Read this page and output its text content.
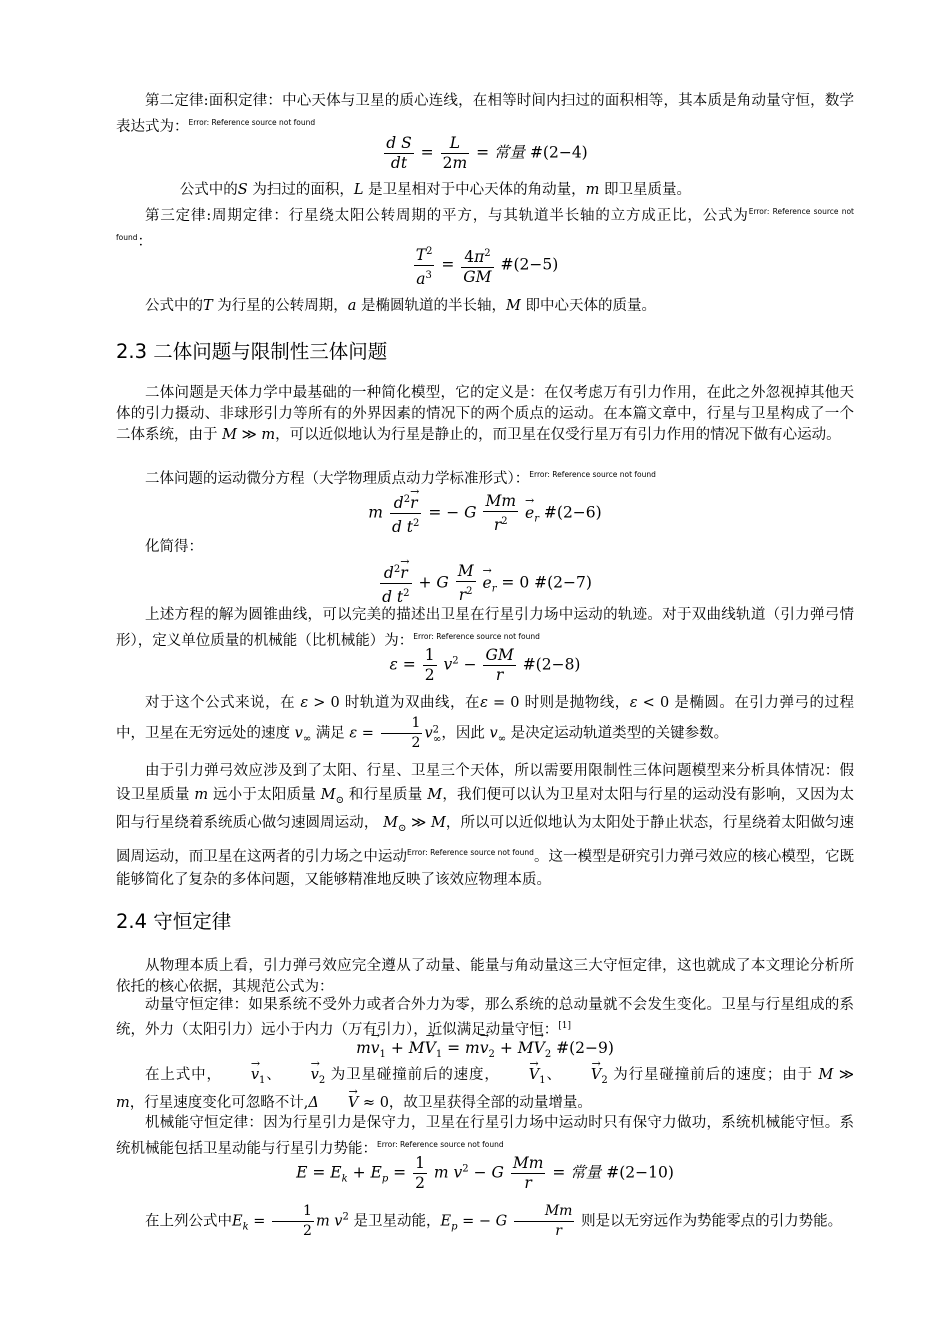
第二定律:面积定律：中心天体与卫星的质心连线，在相等时间内扫过的面积相等，其本质是角动量守恒，数学表达式为：$^{Error: Reference source not found}$

$\frac{\text{d S}}{dt} = \frac{L}{2m}$ = 常量 #(2−4)

公式中的S 为扫过的面积，L 是卫星相对于中心天体的角动量，m 即卫星质量。

第三定律:周期定律：行星绕太阳公转周期的平方，与其轨道半长轴的立方成正比，公式为$^{Error: Reference source not found}$：	$\frac{T^2}{a^3} = \frac{4\pi^2}{GM}$ #(2−5)

公式中的T 为行星的公转周期，a 是椭圆轨道的半长轴，M 即中心天体的质量。

2.3 二体问题与限制性三体问题

二体问题是天体力学中最基础的一种简化模型，它的定义是：在仅考虑万有引力作用，在此之外忽视掉其他天体的引力摄动、非球形引力等所有的外界因素的情况下的两个质点的运动。在本篇文章中，行星与卫星构成了一个二体系统，由于 M ≫ m，可以近似地认为行星是静止的，而卫星在仅受行星万有引力作用的情况下做有心运动。

二体问题的运动微分方程（大学物理质点动力学标准形式）：$^{Error: Reference source not found}$

m $\frac{d^2\to r}{d t^2}$ = − G $\frac{Mm}{r^2}$
→ $e_r$ #(2−6)

化简得：

$\frac{d^2\to r}{d t^2} + G \frac{M}{r^2}$
→ $e_r = 0$ #(2−7)

上述方程的解为圆锥曲线，可以完美的描述出卫星在行星引力场中运动的轨迹。对于双曲线轨道（引力弹弓情形），定义单位质量的机械能（比机械能）为：$^{Error: Reference source not found}$

$\varepsilon = \frac{1}{2} v^2 - \frac{GM}{r}$ #(2−8)

对于这个公式来说，在 ε > 0 时轨道为双曲线，在ε = 0 时则是抛物线，ε < 0 是椭圆。在引力弹弓的过程中，卫星在无穷远处的速度 $v_\infty$ 满足 $\varepsilon = \frac{1}{2} v^2_\infty$，因此 $v_\infty$ 是决定运动轨道类型的关键参数。

由于引力弹弓效应涉及到了太阳、行星、卫星三个天体，所以需要用限制性三体问题模型来分析具体情况：假设卫星质量 m 远小于太阳质量 $M_⊙$ 和行星质量 M，我们便可以认为卫星对太阳与行星的运动没有影响，又因为太阳与行星绕着系统质心做匀速圆周运动， $M_⊙$ ≫ M，所以可以近似地认为太阳处于静止状态，行星绕着太阳做匀速圆周运动，而卫星在这两者的引力场之中运动$^{Error: Reference source not found}$。这一模型是研究引力弹弓效应的核心模型，它既能够简化了复杂的多体问题，又能够精准地反映了该效应物理本质。

2.4 守恒定律

从物理本质上看，引力弹弓效应完全遵从了动量、能量与角动量这三大守恒定律，这也就成了本文理论分析所依托的核心依据，其规范公式为：

动量守恒定律：如果系统不受外力或者合外力为零，那么系统的总动量就不会发生变化。卫星与行星组成的系统，外力（太阳引力）远小于内力（万有引力），近似满足动量守恒：[1]

$m\to v_1 + M\to V_1 = m\to v_2 + M\to V_2$ #(2−9)

在上式中，→ $v_1$、→ $v_2$ 为卫星碰撞前后的速度，→ $V_1$、→ $V_2$ 为行星碰撞前后的速度；由于 M ≫ m，行星速度变化可忽略不计,Δ→ V ≈ 0，故卫星获得全部的动量增量。

机械能守恒定律：因为行星引力是保守力，卫星在行星引力场中运动时只有保守力做功，系统机械能守恒。系统机械能包括卫星动能与行星引力势能：$^{Error: Reference source not found}$

$E = E_k + E_p = \frac{1}{2}$ m $v^2 - G \frac{Mm}{r}$ = 常量 #(2−10)

在上列公式中$E_k = \frac{1}{2}$ m $v^2$ 是卫星动能，$E_p$ = − G $\frac{Mm}{r}$ 则是以无穷远作为势能零点的引力势能。
